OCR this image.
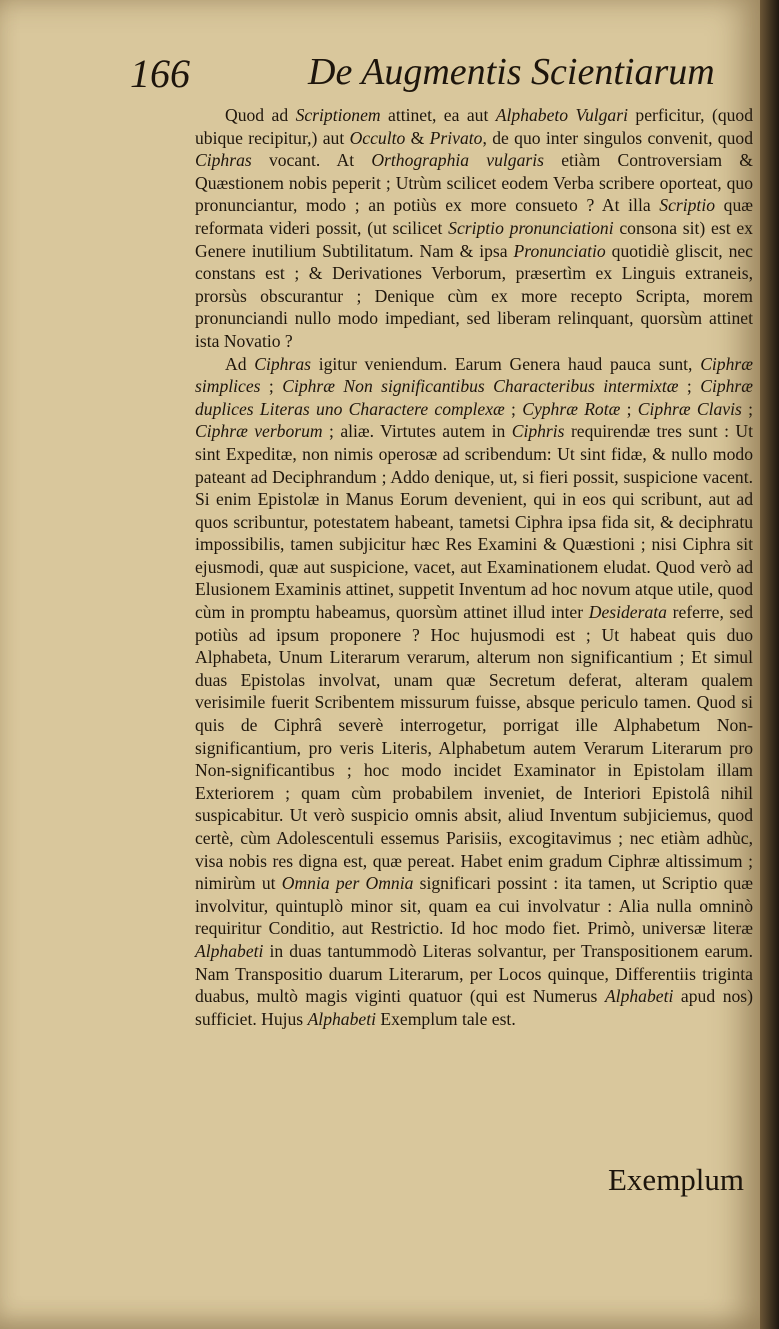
166	De Augmentis Scientiarum

Quod ad Scriptionem attinet, ea aut Alphabeto Vulgari perficitur, (quod ubique recipitur,) aut Occulto & Privato, de quo inter singulos convenit, quod Ciphras vocant. At Orthographia vulgaris etiàm Controversiam & Quæstionem nobis peperit ; Utrùm scilicet eodem Verba scribere oporteat, quo pronunciantur, modo ; an potiùs ex more consueto ? At illa Scriptio quæ reformata videri possit, (ut scilicet Scriptio pronunciationi consona sit) est ex Genere inutilium Subtilitatum. Nam & ipsa Pronunciatio quotidiè gliscit, nec constans est ; & Derivationes Verborum, præsertìm ex Linguis extraneis, prorsùs obscurantur ; Denique cùm ex more recepto Scripta, morem pronunciandi nullo modo impediant, sed liberam relinquant, quorsùm attinet ista Novatio ?

Ad Ciphras igitur veniendum. Earum Genera haud pauca sunt, Ciphræ simplices ; Ciphræ Non significantibus Characteribus intermixtæ ; Ciphræ duplices Literas uno Charactere complexæ ; Cyphræ Rotæ ; Ciphræ Clavis ; Ciphræ verborum ; aliæ. Virtutes autem in Ciphris requirendæ tres sunt : Ut sint Expeditæ, non nimis operosæ ad scribendum: Ut sint fidæ, & nullo modo pateant ad Deciphrandum ; Addo denique, ut, si fieri possit, suspicione vacent. Si enim Epistolæ in Manus Eorum devenient, qui in eos qui scribunt, aut ad quos scribuntur, potestatem habeant, tametsi Ciphra ipsa fida sit, & deciphratu impossibilis, tamen subjicitur hæc Res Examini & Quæstioni ; nisi Ciphra sit ejusmodi, quæ aut suspicione, vacet, aut Examinationem eludat. Quod verò ad Elusionem Examinis attinet, suppetit Inventum ad hoc novum atque utile, quod cùm in promptu habeamus, quorsùm attinet illud inter Desiderata referre, sed potiùs ad ipsum proponere ? Hoc hujusmodi est ; Ut habeat quis duo Alphabeta, Unum Literarum verarum, alterum non significantium ; Et simul duas Epistolas involvat, unam quæ Secretum deferat, alteram qualem verisimile fuerit Scribentem missurum fuisse, absque periculo tamen. Quod si quis de Ciphrâ severè interrogetur, porrigat ille Alphabetum Non-significantium, pro veris Literis, Alphabetum autem Verarum Literarum pro Non-significantibus ; hoc modo incidet Examinator in Epistolam illam Exteriorem ; quam cùm probabilem inveniet, de Interiori Epistolâ nihil suspicabitur. Ut verò suspicio omnis absit, aliud Inventum subjiciemus, quod certè, cùm Adolescentuli essemus Parisiis, excogitavimus ; nec etiàm adhùc, visa nobis res digna est, quæ pereat. Habet enim gradum Ciphræ altissimum ; nimirùm ut Omnia per Omnia significari possint : ita tamen, ut Scriptio quæ involvitur, quintuplò minor sit, quam ea cui involvatur : Alia nulla omninò requiritur Conditio, aut Restrictio. Id hoc modo fiet. Primò, universæ literæ Alphabeti in duas tantummodò Literas solvantur, per Transpositionem earum. Nam Transpositio duarum Literarum, per Locos quinque, Differentiis triginta duabus, multò magis viginti quatuor (qui est Numerus Alphabeti apud nos) sufficiet. Hujus Alphabeti Exemplum tale est.

Exemplum
